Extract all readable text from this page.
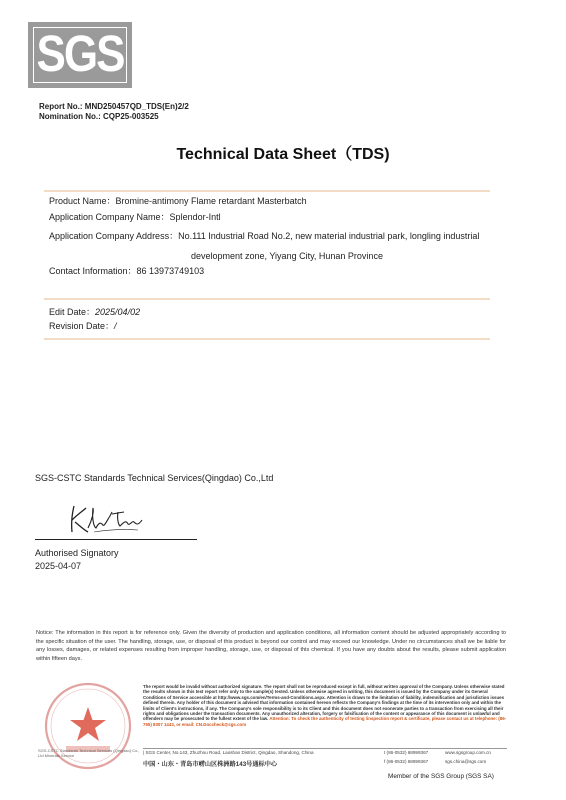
SGS
Report No.: MND250457QD_TDS(En)2/2
Nomination No.: CQP25-003525
Technical Data Sheet（TDS)
Product Name：Bromine-antimony Flame retardant Masterbatch
Application Company Name：Splendor-Intl
Application Company Address：No.111 Industrial Road No.2, new material industrial park, longling industrial
development zone, Yiyang City, Hunan Province
Contact Information：86 13973749103
Edit Date：2025/04/02
Revision Date：/
SGS-CSTC Standards Technical Services(Qingdao) Co.,Ltd
Authorised Signatory
2025-04-07
Notice: The information in this report is for reference only. Given the diversity of production and application conditions, all information content should be adjusted appropriately according to the specific situation of the user. The handling, storage, use, or disposal of this product is beyond our control and may exceed our knowledge. Under no circumstances shall we be liable for any losses, damages, or related expenses resulting from improper handling, storage, use, or disposal of this chemical. If you have any doubts about the results, please submit application within fifteen days.
SGS-CSTC Standards Technical Services (Qingdao) Co., Ltd Minerals Service
The report would be invalid without authorized signature. The report shall not be reproduced except in full, without written approval of the Company. Unless otherwise stated the results shown in this test report refer only to the sample(s) tested. Unless otherwise agreed in writing, this document is issued by the Company under its General Conditions of Service accessible at http://www.sgs.com/en/Terms-and-Conditions.aspx. Attention is drawn to the limitation of liability, indemnification and jurisdiction issues defined therein. Any holder of this document is advised that information contained hereon reflects the Company's findings at the time of its intervention only and within the limits of Client's instructions, if any. The Company's sole responsibility is to its Client and this document does not exonerate parties to a transaction from exercising all their rights and obligations under the transaction documents. Any unauthorized alteration, forgery or falsification of the content or appearance of this document is unlawful and offenders may be prosecuted to the fullest extent of the law. Attention: To check the authenticity of testing /inspection report & certificate, please contact us at telephone: (86-755) 8307 1443, or email: CN.Doccheck@sgs.com
| SGS Center, No.143, Zhuzhou Road, Laoshan District, Qingdao, Shandong, China
中国・山东・青岛市崂山区株洲路143号通标中心
t (86-0532) 68999367
f (86-0532) 68999367
www.sgsgroup.com.cn
sgs.china@sgs.com
Member of the SGS Group (SGS SA)
